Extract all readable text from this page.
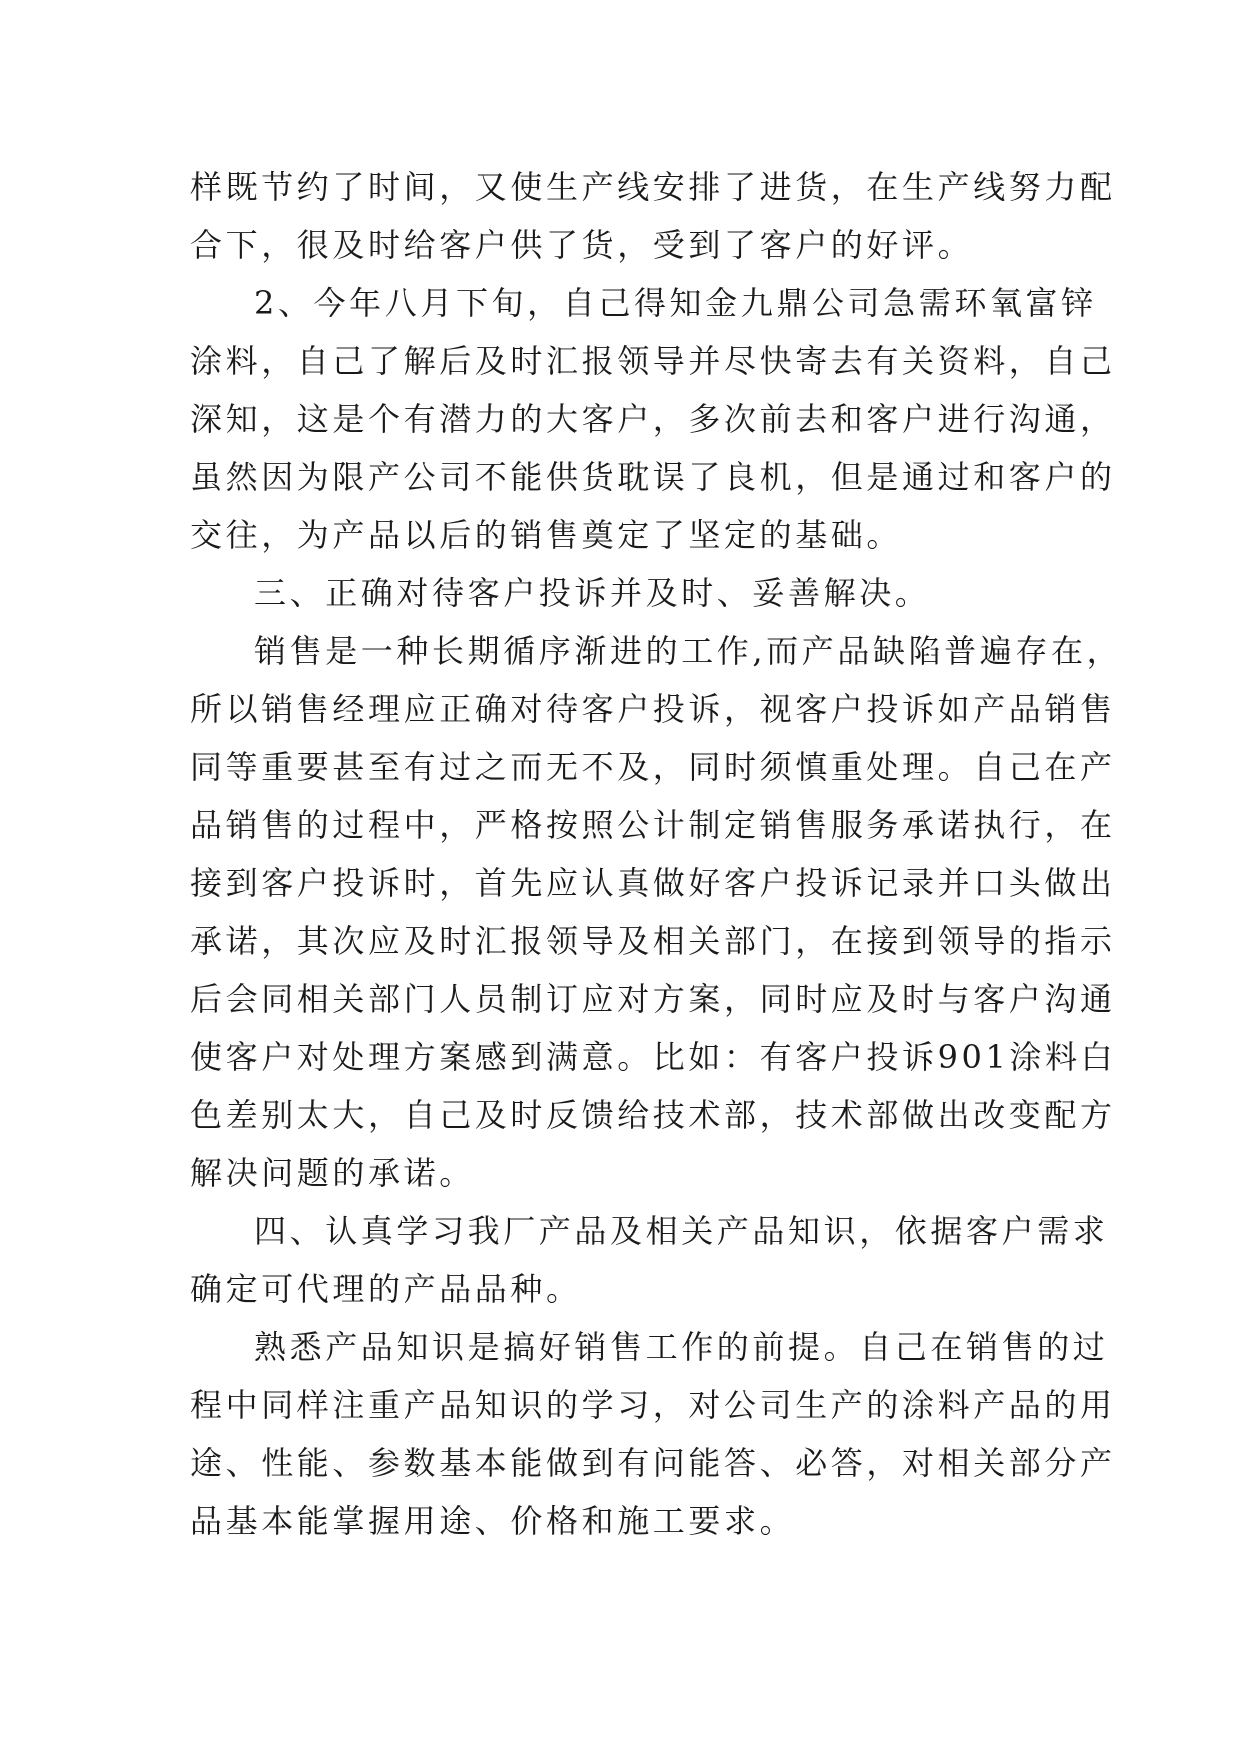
样既节约了时间，又使生产线安排了进货，在生产线努力配
合下，很及时给客户供了货，受到了客户的好评。
2、今年八月下旬，自己得知金九鼎公司急需环氧富锌
涂料，自己了解后及时汇报领导并尽快寄去有关资料，自己
深知，这是个有潜力的大客户，多次前去和客户进行沟通，
虽然因为限产公司不能供货耽误了良机，但是通过和客户的
交往，为产品以后的销售奠定了坚定的基础。
三、正确对待客户投诉并及时、妥善解决。
销售是一种长期循序渐进的工作,而产品缺陷普遍存在，
所以销售经理应正确对待客户投诉，视客户投诉如产品销售
同等重要甚至有过之而无不及，同时须慎重处理。自己在产
品销售的过程中，严格按照公计制定销售服务承诺执行，在
接到客户投诉时，首先应认真做好客户投诉记录并口头做出
承诺，其次应及时汇报领导及相关部门，在接到领导的指示
后会同相关部门人员制订应对方案，同时应及时与客户沟通
使客户对处理方案感到满意。比如：有客户投诉901涂料白
色差别太大，自己及时反馈给技术部，技术部做出改变配方
解决问题的承诺。
四、认真学习我厂产品及相关产品知识，依据客户需求
确定可代理的产品品种。
熟悉产品知识是搞好销售工作的前提。自己在销售的过
程中同样注重产品知识的学习，对公司生产的涂料产品的用
途、性能、参数基本能做到有问能答、必答，对相关部分产
品基本能掌握用途、价格和施工要求。
